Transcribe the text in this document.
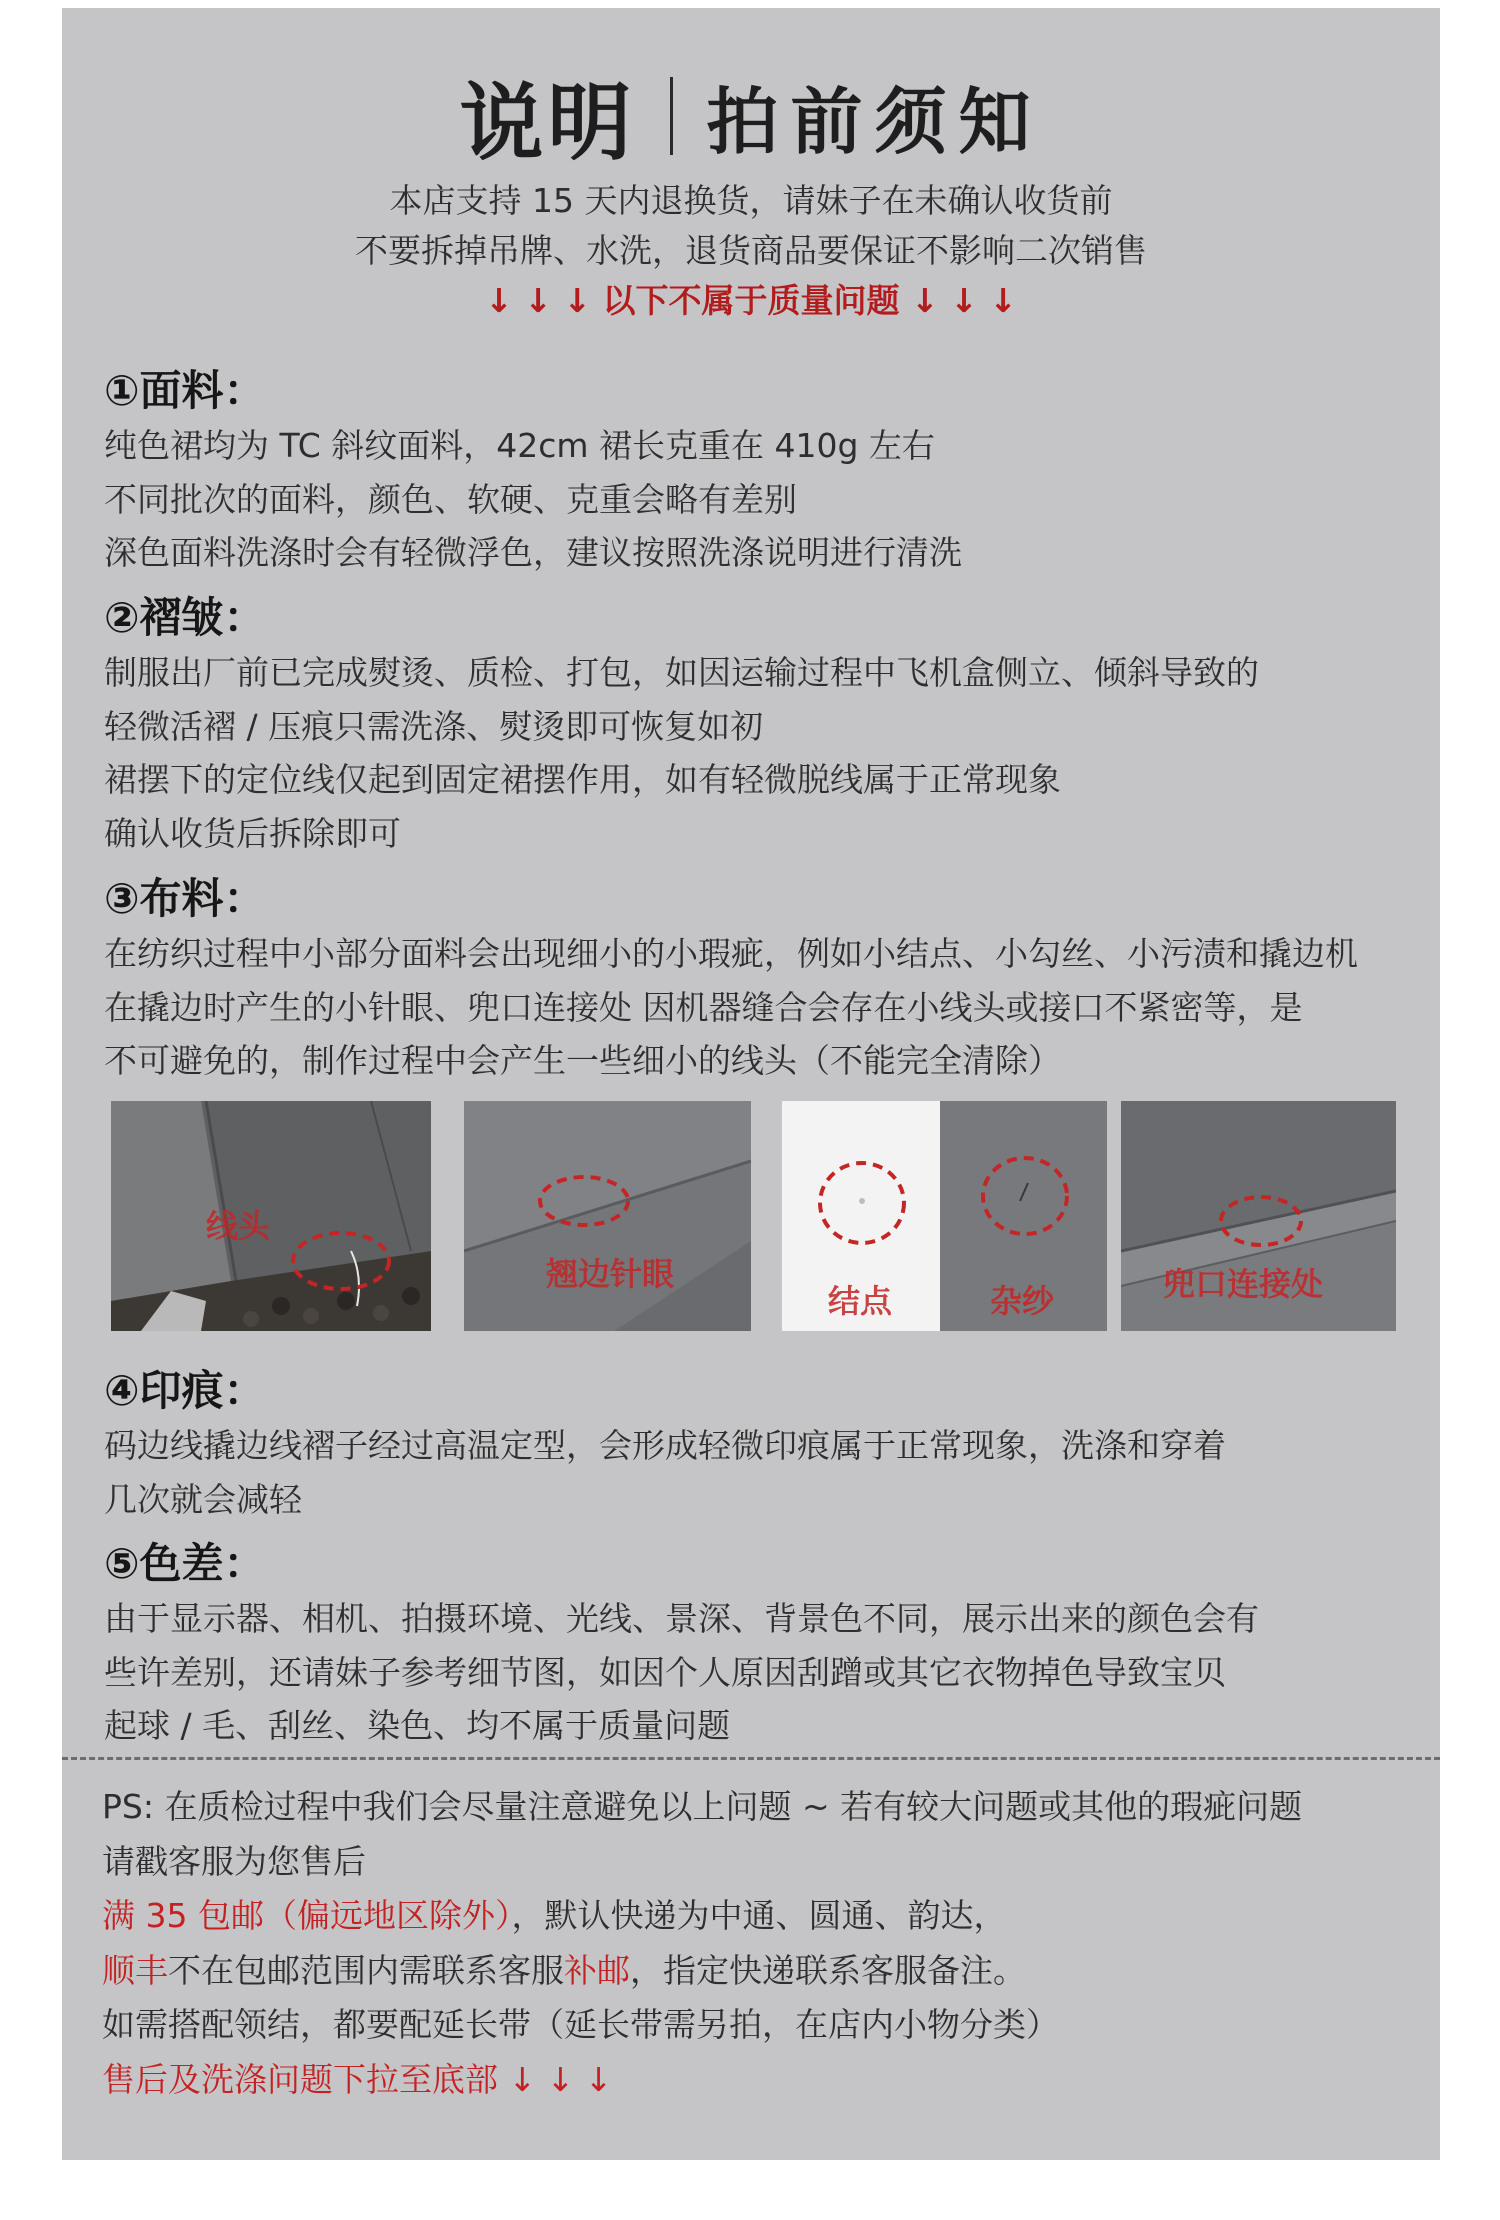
说明 拍前须知
本店支持 15 天内退换货，请妹子在未确认收货前
不要拆掉吊牌、水洗，退货商品要保证不影响二次销售
↓ ↓ ↓ 以下不属于质量问题 ↓ ↓ ↓
①面料：
纯色裙均为 TC 斜纹面料，42cm 裙长克重在 410g 左右
不同批次的面料，颜色、软硬、克重会略有差别
深色面料洗涤时会有轻微浮色，建议按照洗涤说明进行清洗
②褶皱：
制服出厂前已完成熨烫、质检、打包，如因运输过程中飞机盒侧立、倾斜导致的
轻微活褶 / 压痕只需洗涤、熨烫即可恢复如初
裙摆下的定位线仅起到固定裙摆作用，如有轻微脱线属于正常现象
确认收货后拆除即可
③布料：
在纺织过程中小部分面料会出现细小的小瑕疵，例如小结点、小勾丝、小污渍和撬边机
在撬边时产生的小针眼、兜口连接处 因机器缝合会存在小线头或接口不紧密等，是
不可避免的，制作过程中会产生一些细小的线头（不能完全清除）
线头
翘边针眼
结点	杂纱	兜口连接处
④印痕：
码边线撬边线褶子经过高温定型，会形成轻微印痕属于正常现象，洗涤和穿着
几次就会减轻
⑤色差：
由于显示器、相机、拍摄环境、光线、景深、背景色不同，展示出来的颜色会有
些许差别，还请妹子参考细节图，如因个人原因刮蹭或其它衣物掉色导致宝贝
起球 / 毛、刮丝、染色、均不属于质量问题
PS: 在质检过程中我们会尽量注意避免以上问题 ~ 若有较大问题或其他的瑕疵问题
请戳客服为您售后
满 35 包邮（偏远地区除外），默认快递为中通、圆通、韵达，
顺丰不在包邮范围内需联系客服补邮，指定快递联系客服备注。
如需搭配领结，都要配延长带（延长带需另拍，在店内小物分类）
售后及洗涤问题下拉至底部 ↓ ↓ ↓
